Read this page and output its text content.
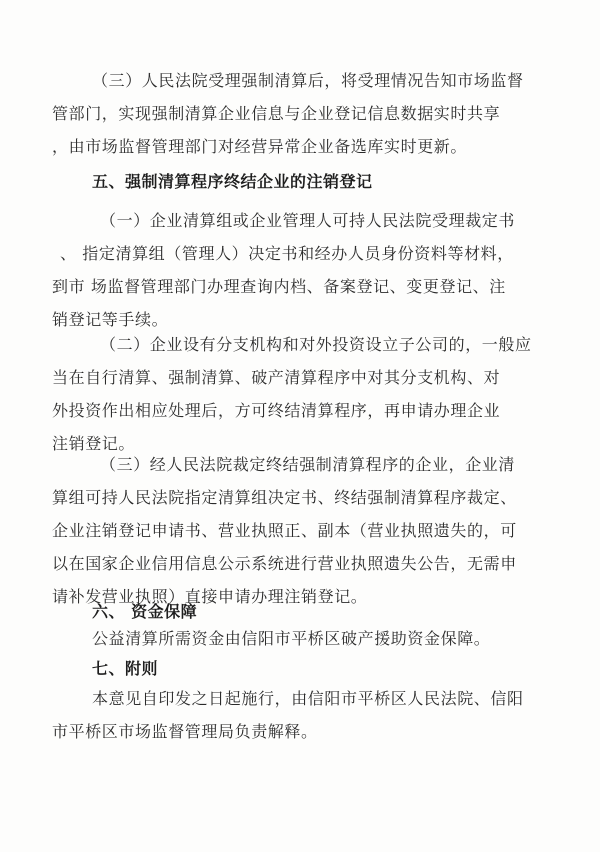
（三）人民法院受理强制清算后，将受理情况告知市场监督
管部门，实现强制清算企业信息与企业登记信息数据实时共享
，由市场监督管理部门对经营异常企业备选库实时更新。
五、强制清算程序终结企业的注销登记
（一）企业清算组或企业管理人可持人民法院受理裁定书
、 指定清算组（管理人）决定书和经办人员身份资料等材料，
到市 场监督管理部门办理查询内档、备案登记、变更登记、注
销登记等手续。
（二）企业设有分支机构和对外投资设立子公司的，一般应
当在自行清算、强制清算、破产清算程序中对其分支机构、对
外投资作出相应处理后，方可终结清算程序，再申请办理企业
注销登记。
（三）经人民法院裁定终结强制清算程序的企业，企业清
算组可持人民法院指定清算组决定书、终结强制清算程序裁定、
企业注销登记申请书、营业执照正、副本（营业执照遗失的，可
以在国家企业信用信息公示系统进行营业执照遗失公告，无需申
请补发营业执照）直接申请办理注销登记。
六、 资金保障
公益清算所需资金由信阳市平桥区破产援助资金保障。
七、附则
本意见自印发之日起施行，由信阳市平桥区人民法院、信阳
市平桥区市场监督管理局负责解释。
